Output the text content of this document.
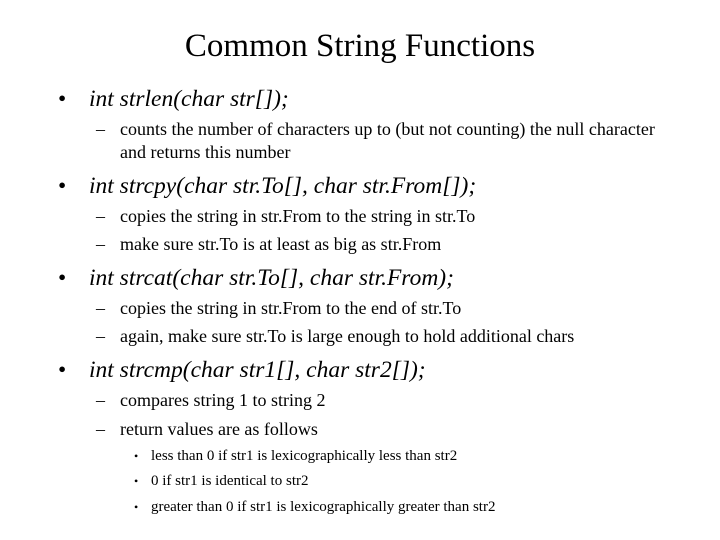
Common String Functions
• int strlen(char str[]);
– counts the number of characters up to (but not counting) the null character and returns this number
• int strcpy(char str.To[], char str.From[]);
– copies the string in str.From to the string in str.To
– make sure str.To is at least as big as str.From
• int strcat(char str.To[], char str.From);
– copies the string in str.From to the end of str.To
– again, make sure str.To is large enough to hold additional chars
• int strcmp(char str1[], char str2[]);
– compares string 1 to string 2
– return values are as follows
• less than 0 if str1 is lexicographically less than str2
• 0 if str1 is identical to str2
• greater than 0 if str1 is lexicographically greater than str2
